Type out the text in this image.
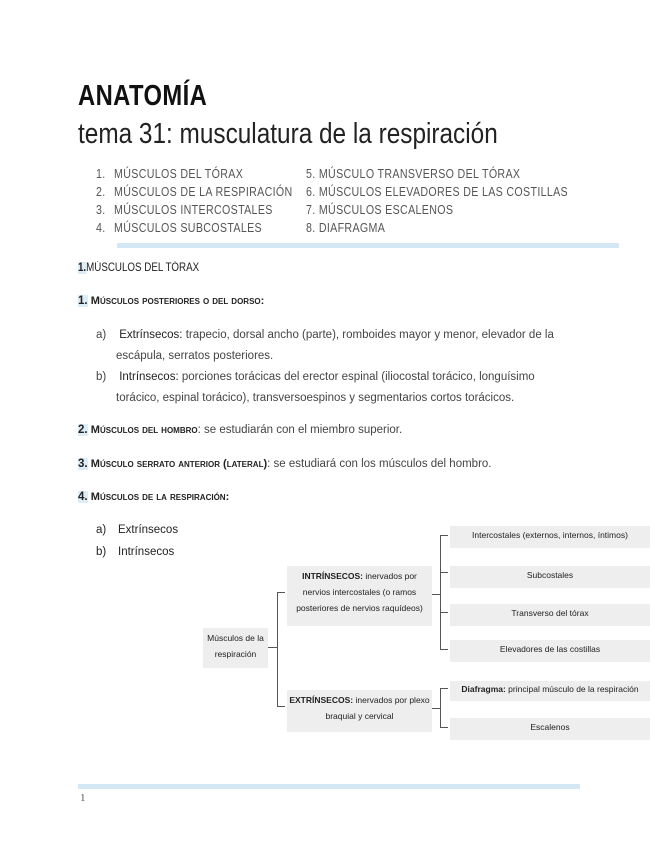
ANATOMÍA
tema 31: musculatura de la respiración
1. MÚSCULOS DEL TÓRAX
2. MÚSCULOS DE LA RESPIRACIÓN
3. MÚSCULOS INTERCOSTALES
4. MÚSCULOS SUBCOSTALES
5. MÚSCULO TRANSVERSO DEL TÓRAX
6. MÚSCULOS ELEVADORES DE LAS COSTILLAS
7. MÚSCULOS ESCALENOS
8. DIAFRAGMA
1.MÚSCULOS DEL TÓRAX
1. Músculos posteriores o del dorso:
a) Extrínsecos: trapecio, dorsal ancho (parte), romboides mayor y menor, elevador de la
escápula, serratos posteriores.
b) Intrínsecos: porciones torácicas del erector espinal (iliocostal torácico, longuísimo
torácico, espinal torácico), transversoespinos y segmentarios cortos torácicos.
2. Músculos del hombro: se estudiarán con el miembro superior.
3. Músculo serrato anterior (lateral): se estudiará con los músculos del hombro.
4. Músculos de la respiración:
a) Extrínsecos
b) Intrínsecos
Músculos de la
respiración
INTRÍNSECOS: inervados por
nervios intercostales (o ramos
posteriores de nervios raquídeos)
EXTRÍNSECOS: inervados por plexo
braquial y cervical
Intercostales (externos, internos, íntimos)
Subcostales
Transverso del tórax
Elevadores de las costillas
Diafragma: principal músculo de la respiración
Escalenos
1
